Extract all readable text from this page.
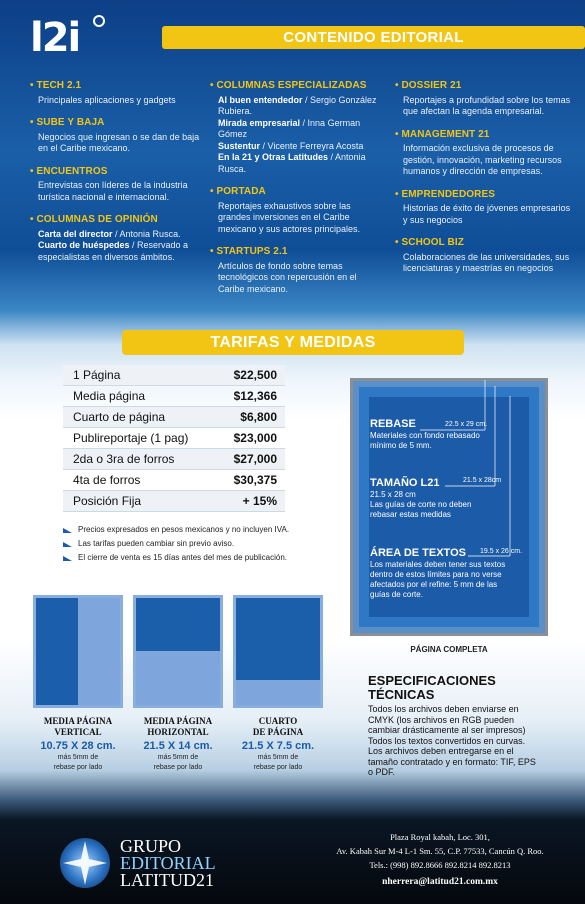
l2i	CONTENIDO EDITORIAL
• TECH 2.1
Principales aplicaciones y gadgets
• SUBE Y BAJA
Negocios que ingresan o se dan de baja en el Caribe mexicano.
• ENCUENTROS
Entrevistas con líderes de la industria turística nacional e internacional.
• COLUMNAS DE OPINIÓN
Carta del director / Antonia Rusca.
Cuarto de huéspedes / Reservado a especialistas en diversos ámbitos.
• COLUMNAS ESPECIALIZADAS
Al buen entendedor / Sergio González Rubiera.
Mirada empresarial / Inna German Gómez
Sustentur / Vicente Ferreyra Acosta
En la 21 y Otras Latitudes / Antonia Rusca.
• PORTADA
Reportajes exhaustivos sobre las grandes inversiones en el Caribe mexicano y sus actores principales.
• STARTUPS 2.1
Artículos de fondo sobre temas tecnológicos con repercusión en el Caribe mexicano.
• DOSSIER 21
Reportajes a profundidad sobre los temas que afectan la agenda empresarial.
• MANAGEMENT 21
Información exclusiva de procesos de gestión, innovación, marketing recursos humanos y dirección de empresas.
• EMPRENDEDORES
Historias de éxito de jóvenes empresarios y sus negocios
• SCHOOL BIZ
Colaboraciones de las universidades, sus licenciaturas y maestrías en negocios
TARIFAS Y MEDIDAS
1 Página	$22,500
Media página	$12,366
Cuarto de página	$6,800
Publireportaje (1 pag)	$23,000
2da o 3ra de forros	$27,000
4ta de forros	$30,375
Posición Fija	+ 15%
Precios expresados en pesos mexicanos y no incluyen IVA.
Las tarifas pueden cambiar sin previo aviso.
El cierre de venta es 15 días antes del mes de publicación.
MEDIA PÁGINA
VERTICAL
10.75 X 28 cm.
más 5mm de
rebase por lado
MEDIA PÁGINA
HORIZONTAL
21.5 X 14 cm.
más 5mm de
rebase por lado
CUARTO
DE PÁGINA
21.5 X 7.5 cm.
más 5mm de
rebase por lado
22.5 x 29 cm.
21.5 x 28cm
19.5 x 26 cm.
REBASE
Materiales con fondo rebasado
mínimo de 5 mm.
TAMAÑO L21
21.5 x 28 cm
Las guías de corte no deben
rebasar estas medidas
ÁREA DE TEXTOS
Los materiales deben tener sus textos
dentro de estos límites para no verse
afectados por el refine: 5 mm de las
guías de corte.
PÁGINA COMPLETA
ESPECIFICACIONES
TÉCNICAS
Todos los archivos deben enviarse en
CMYK (los archivos en RGB pueden
cambiar drásticamente al ser impresos)
Todos los textos convertidos en curvas.
Los archivos deben entregarse en el
tamaño contratado y en formato: TIF, EPS
o PDF.
GRUPO
EDITORIAL
LATITUD21
Plaza Royal kabah, Loc. 301,
Av. Kabah Sur M-4 L-1 Sm. 55, C.P. 77533, Cancún Q. Roo.
Tels.: (998) 892.8666 892.8214 892.8213
nherrera@latitud21.com.mx
